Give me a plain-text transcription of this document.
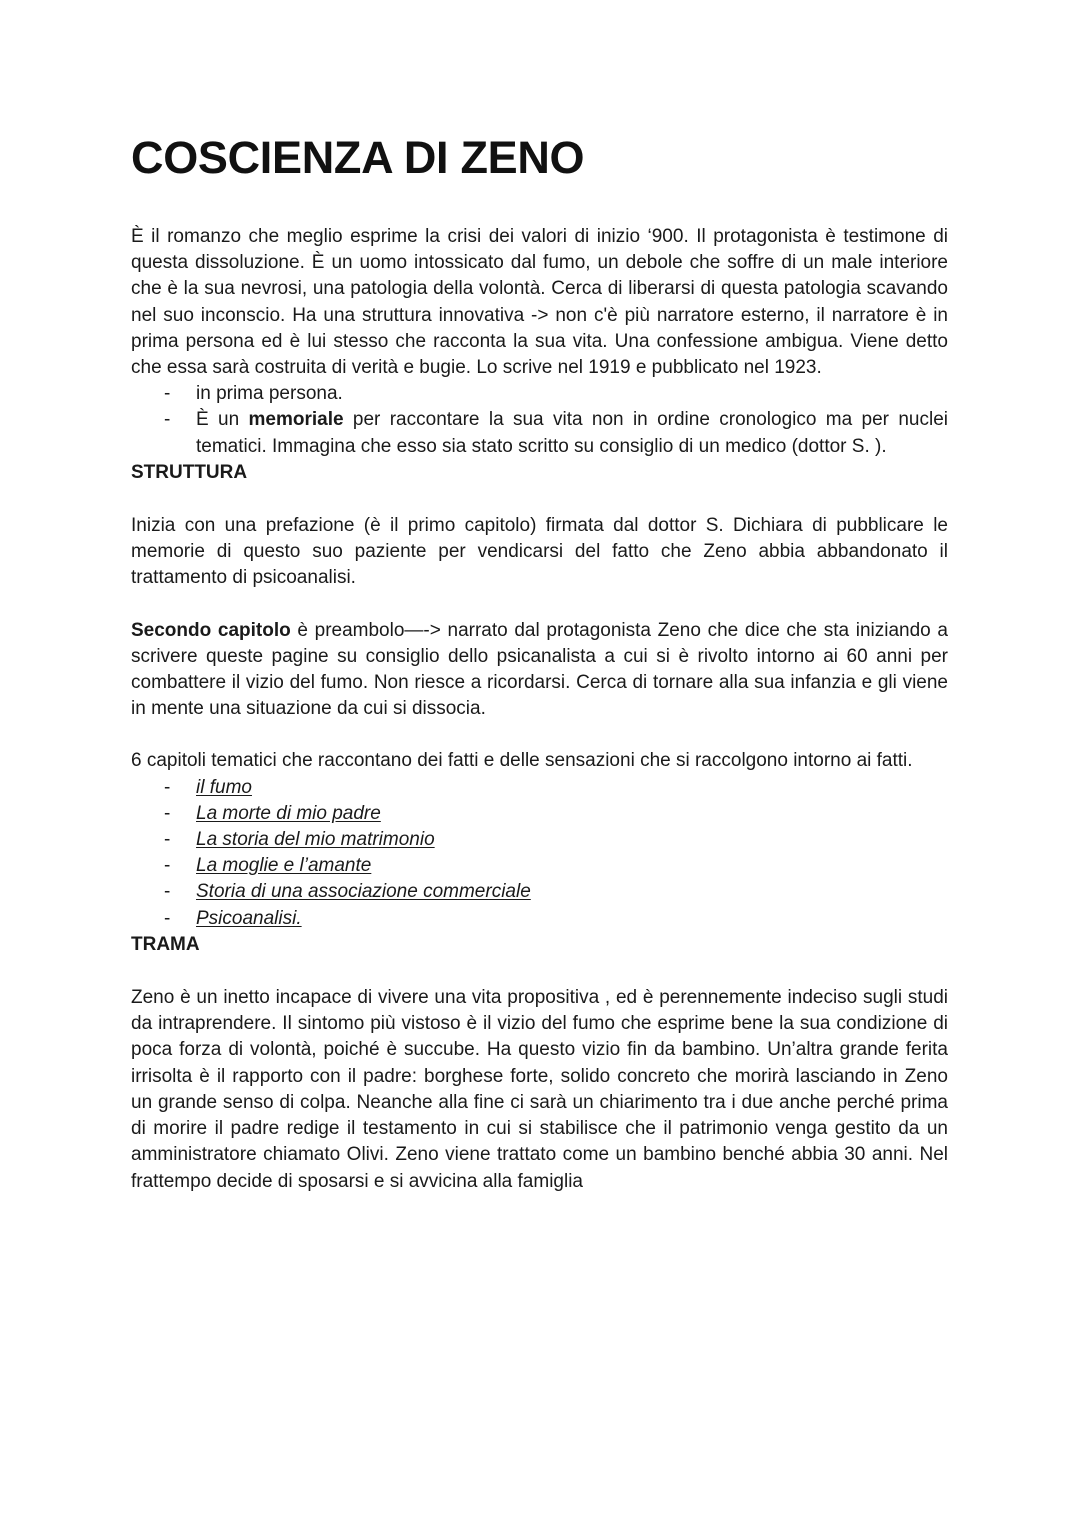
COSCIENZA DI ZENO

È il romanzo che meglio esprime la crisi dei valori di inizio ‘900. Il protagonista è testimone di questa dissoluzione. È un uomo intossicato dal fumo, un debole che soffre di un male interiore che è la sua nevrosi, una patologia della volontà. Cerca di liberarsi di questa patologia scavando nel suo inconscio. Ha una struttura innovativa -> non c'è più narratore esterno, il narratore è in prima persona ed è lui stesso che racconta la sua vita. Una confessione ambigua. Viene detto che essa sarà costruita di verità e bugie. Lo scrive nel 1919 e pubblicato nel 1923.

- in prima persona.
- È un memoriale per raccontare la sua vita non in ordine cronologico ma per nuclei tematici. Immagina che esso sia stato scritto su consiglio di un medico (dottor S. ).
STRUTTURA

Inizia con una prefazione (è il primo capitolo) firmata dal dottor S. Dichiara di pubblicare le memorie di questo suo paziente per vendicarsi del fatto che Zeno abbia abbandonato il trattamento di psicoanalisi.

Secondo capitolo è preambolo—-> narrato dal protagonista Zeno che dice che sta iniziando a scrivere queste pagine su consiglio dello psicanalista a cui si è rivolto intorno ai 60 anni per combattere il vizio del fumo. Non riesce a ricordarsi. Cerca di tornare alla sua infanzia e gli viene in mente una situazione da cui si dissocia.

6 capitoli tematici che raccontano dei fatti e delle sensazioni che si raccolgono intorno ai fatti.

- il fumo
- La morte di mio padre
- La storia del mio matrimonio
- La moglie e l’amante
- Storia di una associazione commerciale
- Psicoanalisi.
TRAMA

Zeno è un inetto incapace di vivere una vita propositiva , ed è perennemente indeciso sugli studi da intraprendere. Il sintomo più vistoso è il vizio del fumo che esprime bene la sua condizione di poca forza di volontà, poiché è succube. Ha questo vizio fin da bambino. Un’altra grande ferita irrisolta è il rapporto con il padre: borghese forte, solido concreto che morirà lasciando in Zeno un grande senso di colpa. Neanche alla fine ci sarà un chiarimento tra i due anche perché prima di morire il padre redige il testamento in cui si stabilisce che il patrimonio venga gestito da un amministratore chiamato Olivi. Zeno viene trattato come un bambino benché abbia 30 anni. Nel frattempo decide di sposarsi e si avvicina alla famiglia
